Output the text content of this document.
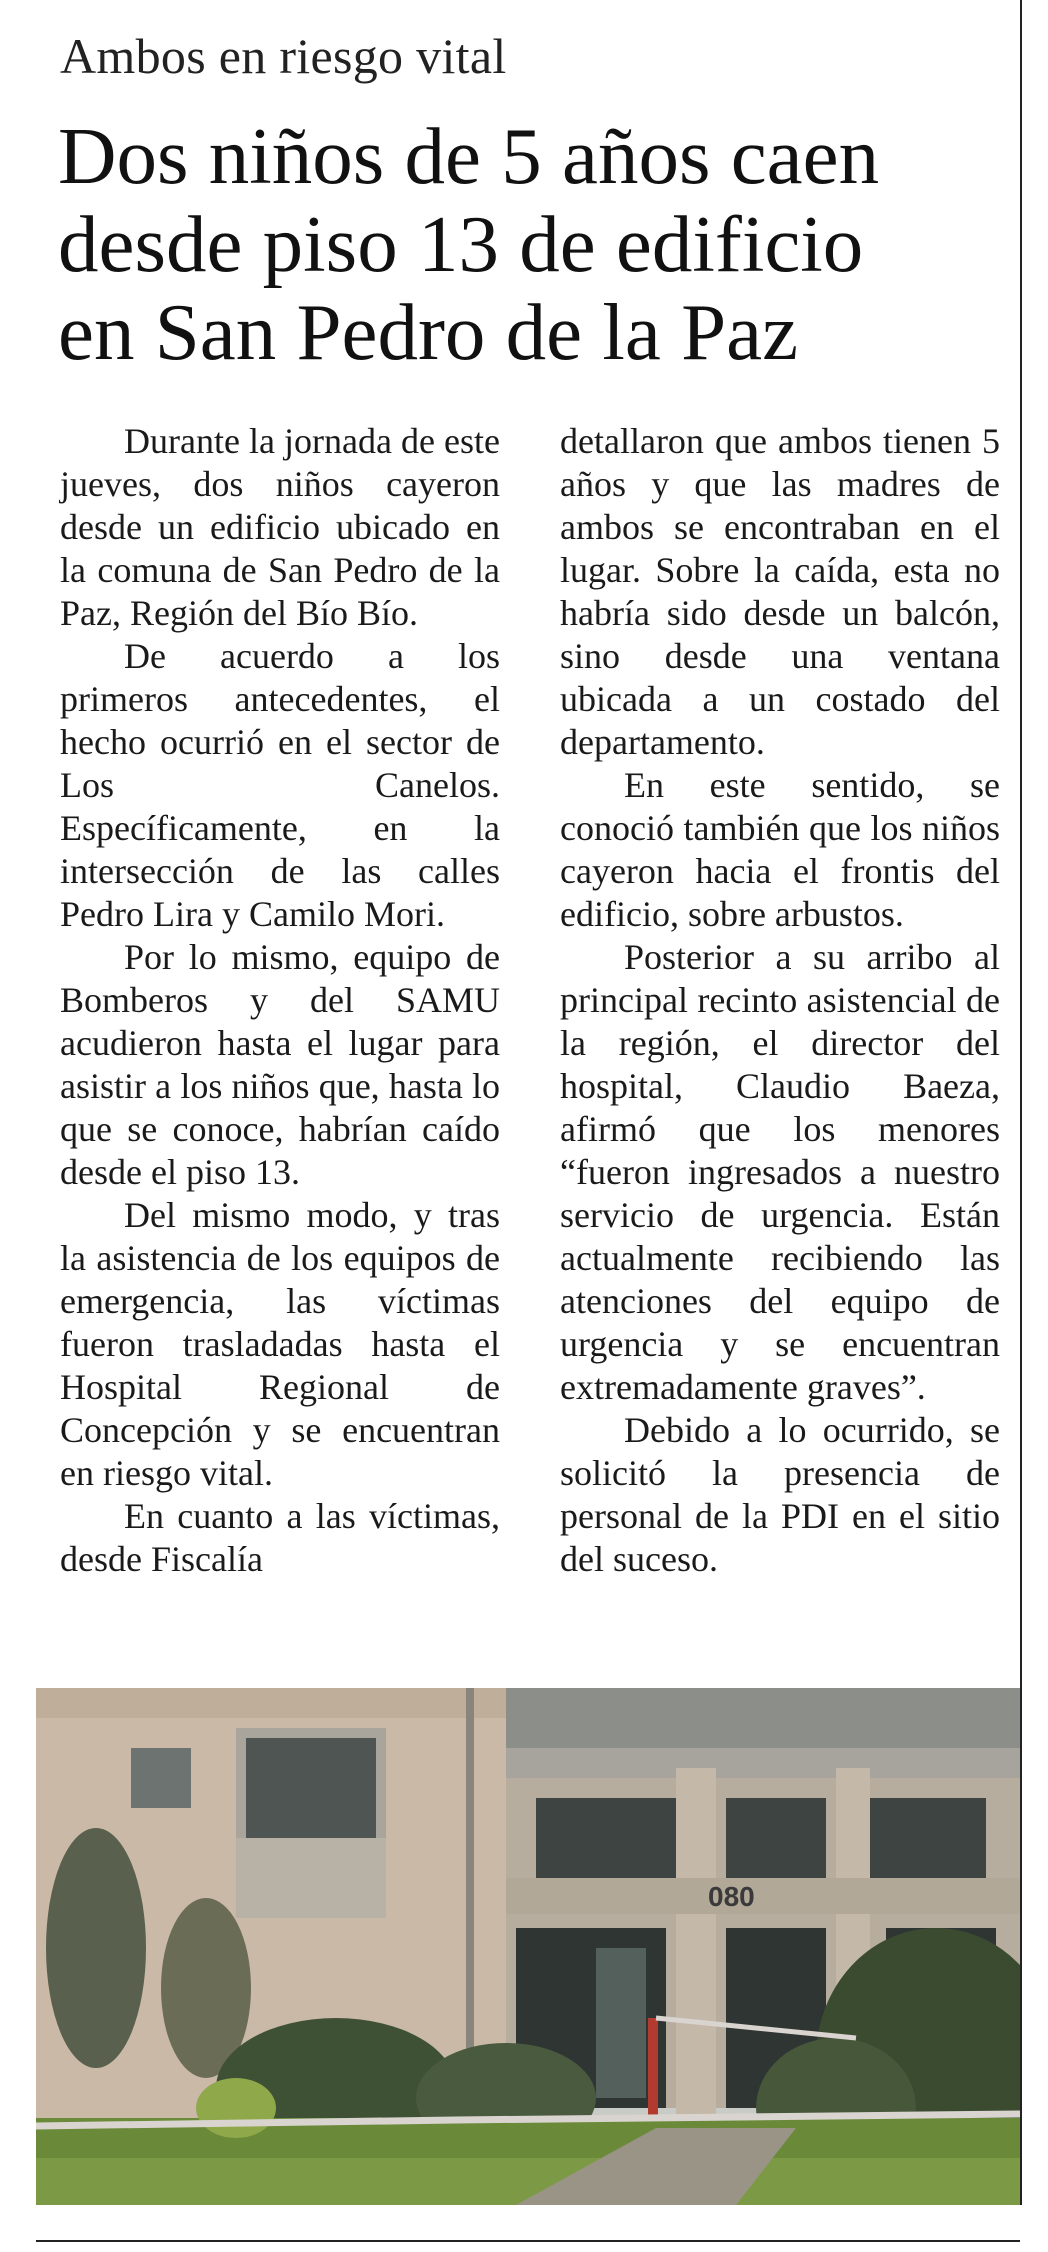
Ambos en riesgo vital
Dos niños de 5 años caen
desde piso 13 de edificio
en San Pedro de la Paz

Durante la jornada de este jueves, dos niños cayeron desde un edificio ubicado en la comuna de San Pedro de la Paz, Región del Bío Bío.

De acuerdo a los primeros antecedentes, el hecho ocurrió en el sector de Los Canelos. Específicamente, en la intersección de las calles Pedro Lira y Camilo Mori.

Por lo mismo, equipo de Bomberos y del SAMU acudieron hasta el lugar para asistir a los niños que, hasta lo que se conoce, habrían caído desde el piso 13.

Del mismo modo, y tras la asistencia de los equipos de emergencia, las víctimas fueron trasladadas hasta el Hospital Regional de Concepción y se encuentran en riesgo vital.

En cuanto a las víctimas, desde Fiscalía

detallaron que ambos tienen 5 años y que las madres de ambos se encontraban en el lugar. Sobre la caída, esta no habría sido desde un balcón, sino desde una ventana ubicada a un costado del departamento.

En este sentido, se conoció también que los niños cayeron hacia el frontis del edificio, sobre arbustos.

Posterior a su arribo al principal recinto asistencial de la región, el director del hospital, Claudio Baeza, afirmó que los menores “fueron ingresados a nuestro servicio de urgencia. Están actualmente recibiendo las atenciones del equipo de urgencia y se encuentran extremadamente graves”.

Debido a lo ocurrido, se solicitó la presencia de personal de la PDI en el sitio del suceso.

080
